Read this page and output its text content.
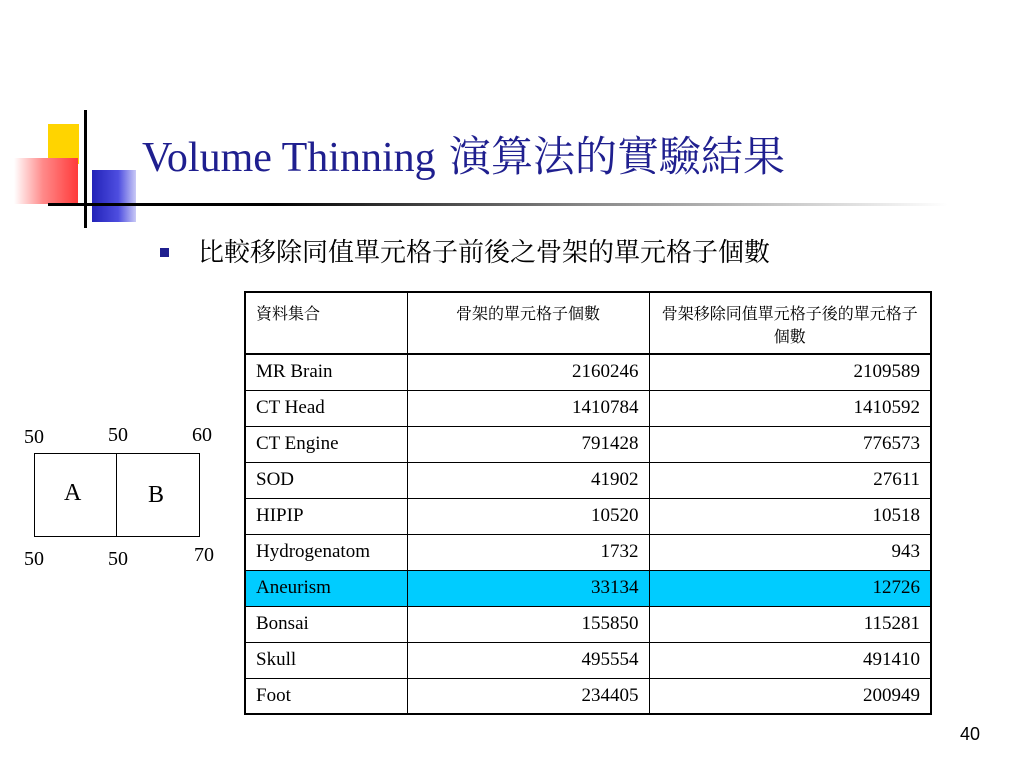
Volume Thinning 演算法的實驗結果
比較移除同值單元格子前後之骨架的單元格子個數
50	50	60
A	B
50	50	70
資料集合	骨架的單元格子個數	骨架移除同值單元格子後的單元格子個數
MR Brain	2160246	2109589
CT Head	1410784	1410592
CT Engine	791428	776573
SOD	41902	27611
HIPIP	10520	10518
Hydrogenatom	1732	943
Aneurism	33134	12726
Bonsai	155850	115281
Skull	495554	491410
Foot	234405	200949
40
